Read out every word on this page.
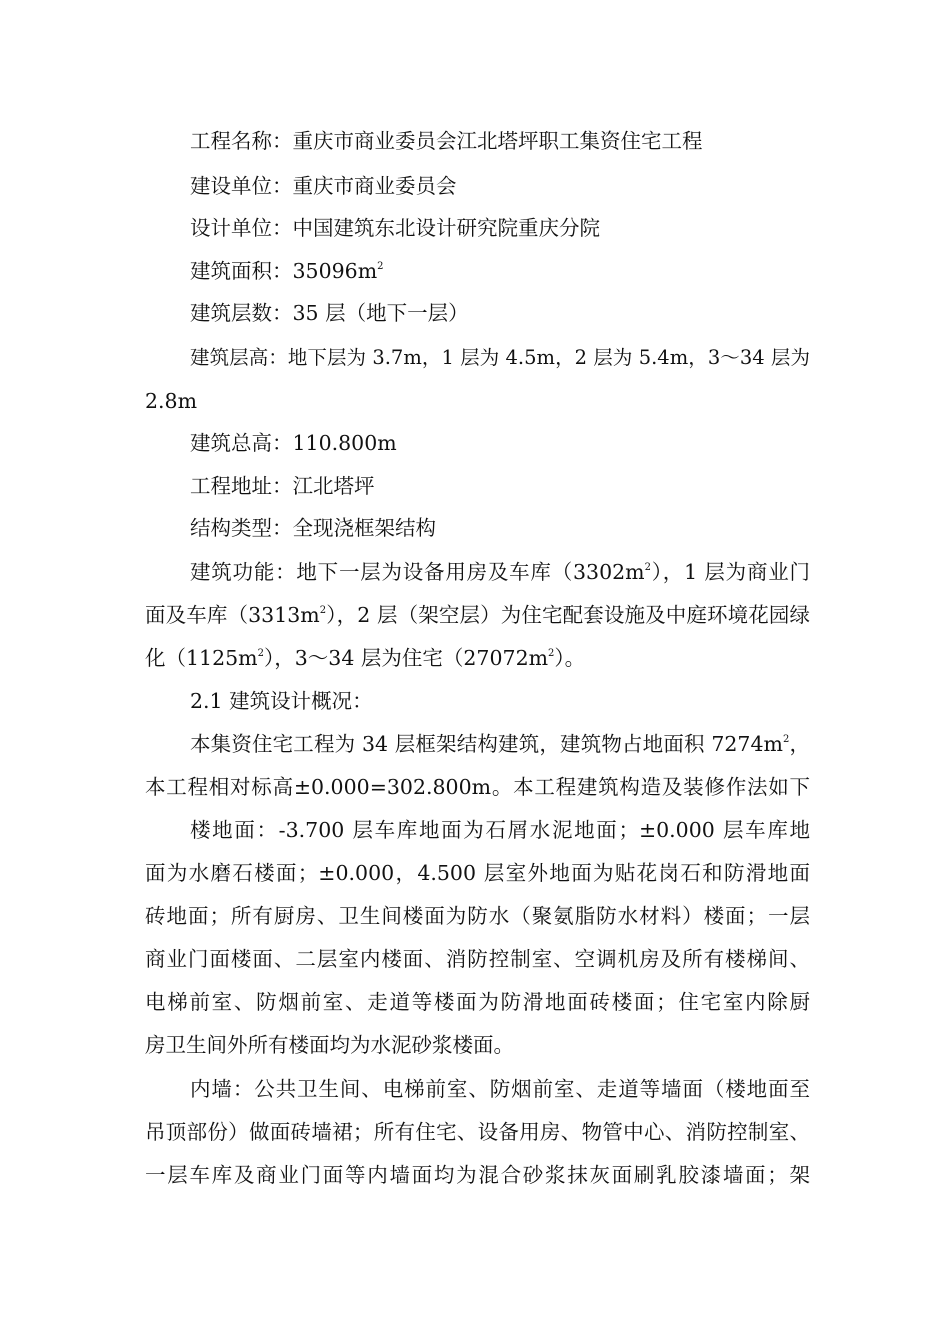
工程名称：重庆市商业委员会江北塔坪职工集资住宅工程
建设单位：重庆市商业委员会
设计单位：中国建筑东北设计研究院重庆分院
建筑面积：$35096m^2$
建筑层数：35 层（地下一层）
建筑层高：地下层为 3.7m，1 层为 4.5m，2 层为 5.4m，3～34 层为
2.8m
建筑总高：110.800m
工程地址：江北塔坪
结构类型：全现浇框架结构
建筑功能：地下一层为设备用房及车库$(3302m^2)$，1 层为商业门
面及车库$(3313m^2)$，2 层（架空层）为住宅配套设施及中庭环境花园绿
化$(1125m^2)$，3～34 层为住宅$(27072m^2)$。
2.1 建筑设计概况：
本集资住宅工程为 34 层框架结构建筑，建筑物占地面积 $7274m^2$，
本工程相对标高±0.000=302.800m。本工程建筑构造及装修作法如下
楼地面：-3.700 层车库地面为石屑水泥地面；±0.000 层车库地
面为水磨石楼面；±0.000，4.500 层室外地面为贴花岗石和防滑地面
砖地面；所有厨房、卫生间楼面为防水（聚氨脂防水材料）楼面；一层
商业门面楼面、二层室内楼面、消防控制室、空调机房及所有楼梯间、
电梯前室、防烟前室、走道等楼面为防滑地面砖楼面；住宅室内除厨
房卫生间外所有楼面均为水泥砂浆楼面。
内墙：公共卫生间、电梯前室、防烟前室、走道等墙面（楼地面至
吊顶部份）做面砖墙裙；所有住宅、设备用房、物管中心、消防控制室、
一层车库及商业门面等内墙面均为混合砂浆抹灰面刷乳胶漆墙面；架
